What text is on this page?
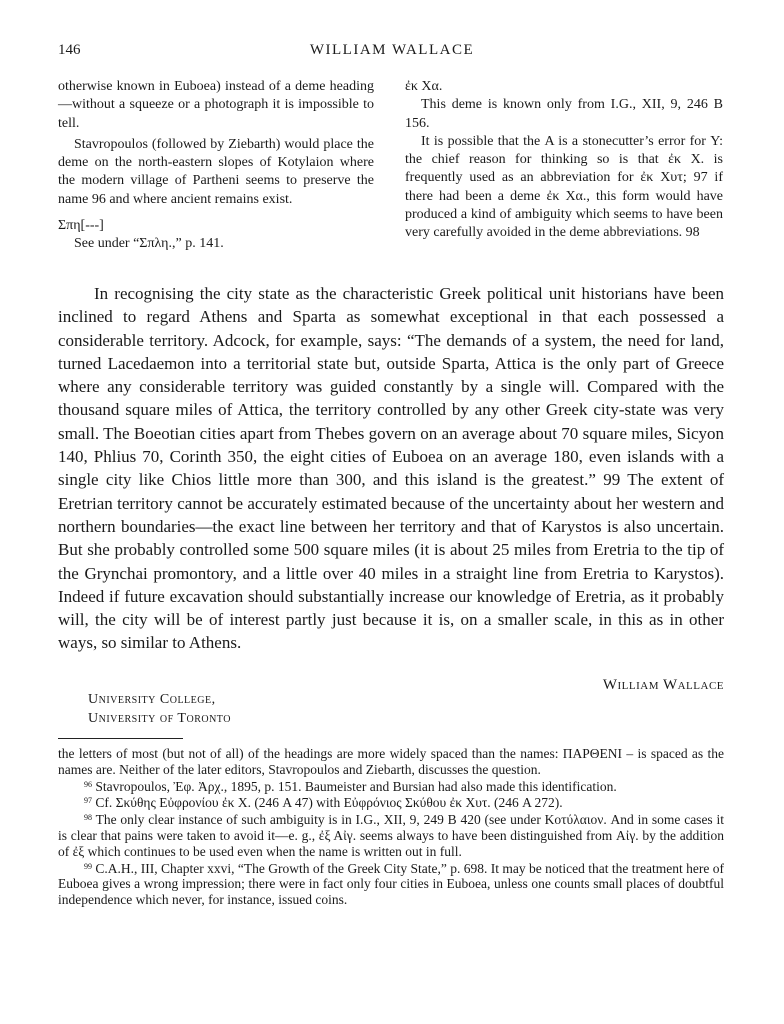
146	WILLIAM WALLACE

otherwise known in Euboea) instead of a deme heading—without a squeeze or a photograph it is impossible to tell.

Stavropoulos (followed by Ziebarth) would place the deme on the north-eastern slopes of Kotylaion where the modern village of Partheni seems to preserve the name 96 and where ancient remains exist.

Σπη[---]

See under “Σπλη.,” p. 141.

ἐκ Χα.

This deme is known only from I.G., XII, 9, 246 B 156.

It is possible that the Α is a stonecutter’s error for Υ: the chief reason for thinking so is that ἐκ Χ. is frequently used as an abbreviation for ἐκ Χυτ; 97 if there had been a deme ἐκ Χα., this form would have produced a kind of ambiguity which seems to have been very carefully avoided in the deme abbreviations. 98

In recognising the city state as the characteristic Greek political unit historians have been inclined to regard Athens and Sparta as somewhat exceptional in that each possessed a considerable territory. Adcock, for example, says: “The demands of a system, the need for land, turned Lacedaemon into a territorial state but, outside Sparta, Attica is the only part of Greece where any considerable territory was guided constantly by a single will. Compared with the thousand square miles of Attica, the territory controlled by any other Greek city-state was very small. The Boeotian cities apart from Thebes govern on an average about 70 square miles, Sicyon 140, Phlius 70, Corinth 350, the eight cities of Euboea on an average 180, even islands with a single city like Chios little more than 300, and this island is the greatest.” 99 The extent of Eretrian territory cannot be accurately estimated because of the uncertainty about her western and northern boundaries—the exact line between her territory and that of Karystos is also uncertain. But she probably controlled some 500 square miles (it is about 25 miles from Eretria to the tip of the Grynchai promontory, and a little over 40 miles in a straight line from Eretria to Karystos). Indeed if future excavation should substantially increase our knowledge of Eretria, as it probably will, the city will be of interest partly just because it is, on a smaller scale, in this as in other ways, so similar to Athens.

University College,
University of Toronto
William Wallace

the letters of most (but not of all) of the headings are more widely spaced than the names: ΠΑΡΘΕΝΙ – is spaced as the names are. Neither of the later editors, Stavropoulos and Ziebarth, discusses the question.

$^{96}$ Stavropoulos, Ἐφ. Ἀρχ., 1895, p. 151. Baumeister and Bursian had also made this identification.

$^{97}$ Cf. Σκύθης Εὐφρονίου ἐκ Χ. (246 A 47) with Εὐφρόνιος Σκύθου ἐκ Χυτ. (246 A 272).

$^{98}$ The only clear instance of such ambiguity is in I.G., XII, 9, 249 B 420 (see under Κοτύλαιον. And in some cases it is clear that pains were taken to avoid it—e. g., ἐξ Αἰγ. seems always to have been distinguished from Αἰγ. by the addition of ἐξ which continues to be used even when the name is written out in full.

$^{99}$ C.A.H., III, Chapter xxvi, “The Growth of the Greek City State,” p. 698. It may be noticed that the treatment here of Euboea gives a wrong impression; there were in fact only four cities in Euboea, unless one counts small places of doubtful independence which never, for instance, issued coins.
